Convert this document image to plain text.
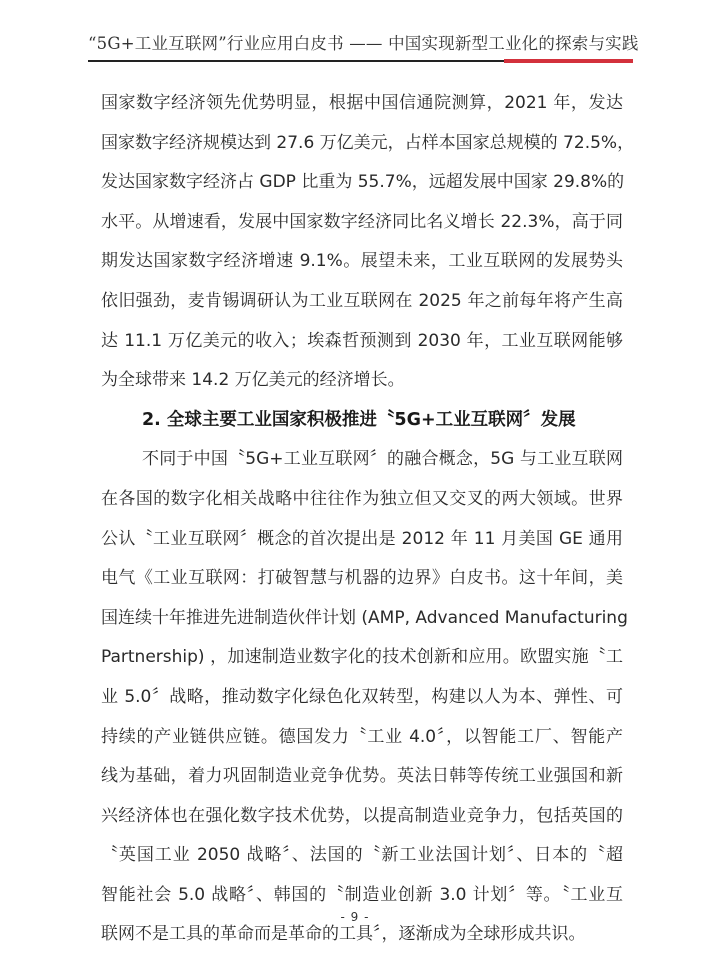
“5G+工业互联网”行业应用白皮书 —— 中国实现新型工业化的探索与实践
国家数字经济领先优势明显，根据中国信通院测算，2021 年，发达
国家数字经济规模达到 27.6 万亿美元，占样本国家总规模的 72.5%，
发达国家数字经济占 GDP 比重为 55.7%，远超发展中国家 29.8%的
水平。从增速看，发展中国家数字经济同比名义增长 22.3%，高于同
期发达国家数字经济增速 9.1%。展望未来，工业互联网的发展势头
依旧强劲，麦肯锡调研认为工业互联网在 2025 年之前每年将产生高
达 11.1 万亿美元的收入；埃森哲预测到 2030 年，工业互联网能够
为全球带来 14.2 万亿美元的经济增长。
2. 全球主要工业国家积极推进〝5G+工业互联网〞发展
不同于中国〝5G+工业互联网〞的融合概念，5G 与工业互联网
在各国的数字化相关战略中往往作为独立但又交叉的两大领域。世界
公认〝工业互联网〞概念的首次提出是 2012 年 11 月美国 GE 通用
电气《工业互联网：打破智慧与机器的边界》白皮书。这十年间，美
国连续十年推进先进制造伙伴计划 (AMP, Advanced Manufacturing
Partnership) ，加速制造业数字化的技术创新和应用。欧盟实施〝工
业 5.0〞战略，推动数字化绿色化双转型，构建以人为本、弹性、可
持续的产业链供应链。德国发力〝工业 4.0〞，以智能工厂、智能产
线为基础，着力巩固制造业竞争优势。英法日韩等传统工业强国和新
兴经济体也在强化数字技术优势，以提高制造业竞争力，包括英国的
〝英国工业 2050 战略〞、法国的〝新工业法国计划〞、日本的〝超
智能社会 5.0 战略〞、韩国的〝制造业创新 3.0 计划〞等。〝工业互
联网不是工具的革命而是革命的工具〞，逐渐成为全球形成共识。
- 9 -
